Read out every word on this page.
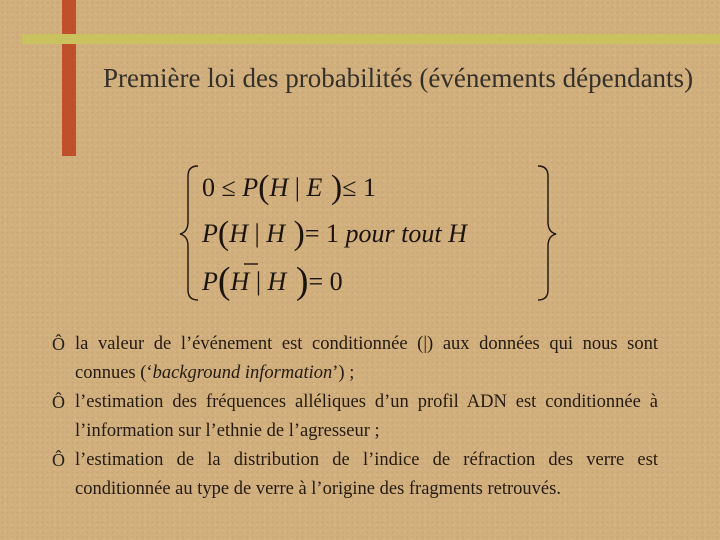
Première loi des probabilités (événements dépendants)
0 ≤ P(H | E )≤ 1
P(H | H )= 1 pour tout H
P(H | H )= 0
Ô la valeur de l’événement est conditionnée (|) aux données qui nous sont connues (‘background information’) ;
Ô l’estimation des fréquences alléliques d’un profil ADN est conditionnée à l’information sur l’ethnie de l’agresseur ;
Ô l’estimation de la distribution de l’indice de réfraction des verre est conditionnée au type de verre à l’origine des fragments retrouvés.
